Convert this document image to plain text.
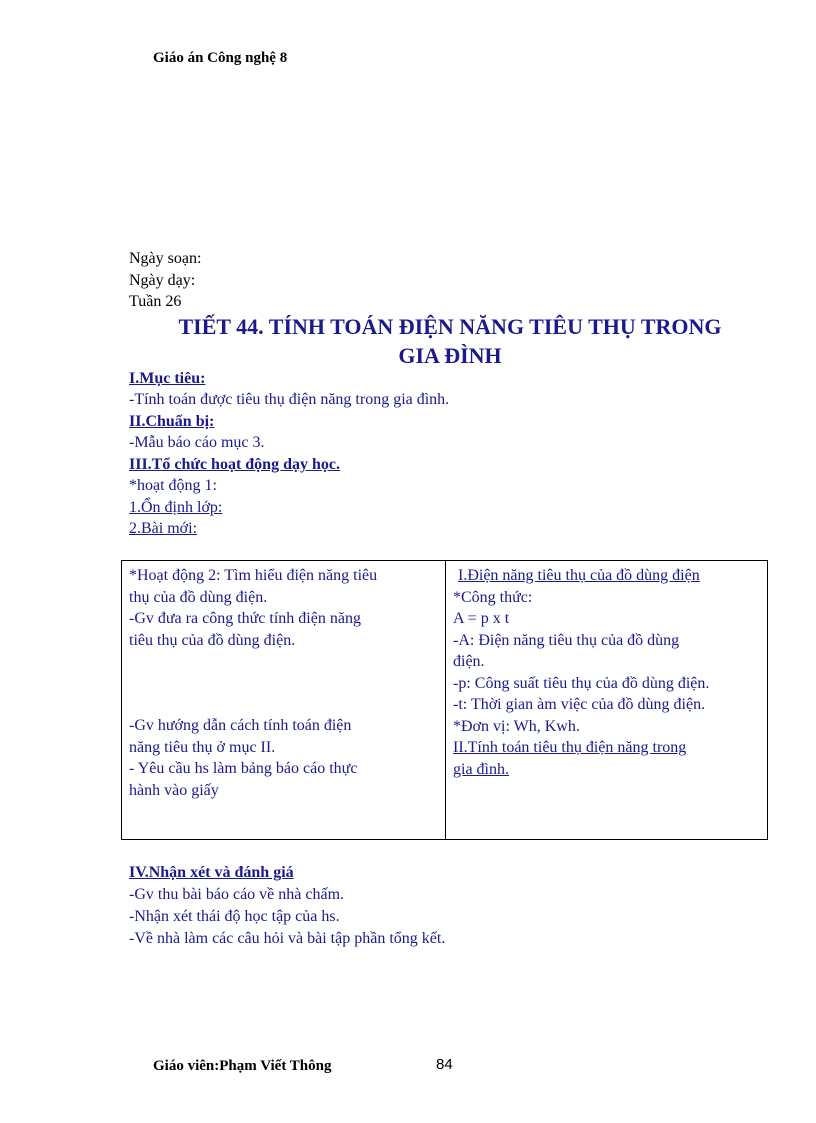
Giáo án Công nghệ 8
Ngày soạn:
Ngày dạy:
Tuần 26
TIẾT 44. TÍNH TOÁN ĐIỆN NĂNG TIÊU THỤ TRONG
GIA ĐÌNH
I.Mục tiêu:
-Tính toán được tiêu thụ điện năng trong gia đình.
II.Chuẩn bị:
-Mẫu báo cáo mục 3.
III.Tổ chức hoạt động dạy học.
*hoạt động 1:
1.Ổn định lớp:
2.Bài mới:
*Hoạt động 2: Tìm hiểu điện năng tiêu
thụ của đồ dùng điện.
-Gv đưa ra công thức tính điện năng
tiêu thụ của đồ dùng điện.
-Gv hướng dẫn cách tính toán điện
năng tiêu thụ ở mục II.
- Yêu cầu hs làm bảng báo cáo thực
hành vào giấy

I.Điện năng tiêu thụ của đồ dùng điện
*Công thức:
A = p x t
-A: Điện năng tiêu thụ của đồ dùng
điện.
-p: Công suất tiêu thụ của đồ dùng điện.
-t: Thời gian àm việc của đồ dùng điện.
*Đơn vị: Wh, Kwh.
II.Tính toán tiêu thụ điện năng trong
gia đình.
IV.Nhận xét và đánh giá
-Gv thu bài báo cáo về nhà chấm.
-Nhận xét thái độ học tập của hs.
-Về nhà làm các câu hỏi và bài tập phần tổng kết.
Giáo viên:Phạm Viết Thông	84
